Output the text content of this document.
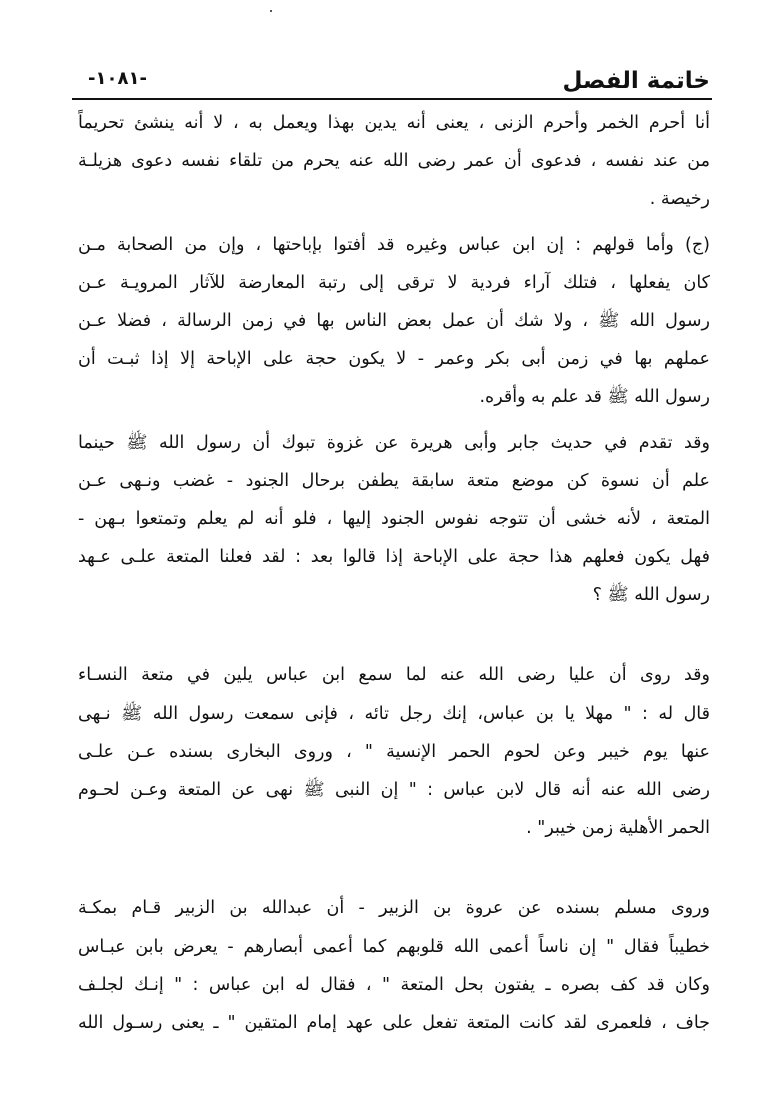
خاتمة الفصل
-١٠٨١-
أنا أحرم الخمر وأحرم الزنى ، يعنى أنه يدين بهذا ويعمل به ، لا أنه ينشئ تحريماً
من عند نفسه ، فدعوى أن عمر رضى الله عنه يحرم من تلقاء نفسه دعوى هزيلـة
رخيصة .
(ج) وأما قولهم : إن ابن عباس وغيره قد أفتوا بإباحتها ، وإن من الصحابة مـن
كان يفعلها ، فتلك آراء فردية لا ترقى إلى رتبة المعارضة للآثار المرويـة عـن
رسول الله ﷺ ، ولا شك أن عمل بعض الناس بها في زمن الرسالة ، فضلا عـن
عملهم بها في زمن أبى بكر وعمر - لا يكون حجة على الإباحة إلا إذا ثبـت أن
رسول الله ﷺ قد علم به وأقره.
وقد تقدم في حديث جابر وأبى هريرة عن غزوة تبوك أن رسول الله ﷺ حينما
علم أن نسوة كن موضع متعة سابقة يطفن برحال الجنود - غضب ونـهى عـن
المتعة ، لأنه خشى أن تتوجه نفوس الجنود إليها ، فلو أنه لم يعلم وتمتعوا بـهن -
فهل يكون فعلهم هذا حجة على الإباحة إذا قالوا بعد : لقد فعلنا المتعة علـى عـهد
رسول الله ﷺ ؟
وقد روى أن عليا رضى الله عنه لما سمع ابن عباس يلين في متعة النسـاء
قال له : " مهلا يا بن عباس، إنك رجل تائه ، فإنى سمعت رسول الله ﷺ نـهى
عنها يوم خيبر وعن لحوم الحمر الإنسية " ، وروى البخارى بسنده عـن علـى
رضى الله عنه أنه قال لابن عباس : " إن النبى ﷺ نهى عن المتعة وعـن لحـوم
الحمر الأهلية زمن خيبر" .
وروى مسلم بسنده عن عروة بن الزبير - أن عبدالله بن الزبير قـام بمكـة
خطيباً فقال " إن ناساً أعمى الله قلوبهم كما أعمى أبصارهم - يعرض بابن عبـاس
وكان قد كف بصره ـ يفتون بحل المتعة " ، فقال له ابن عباس : " إنـك لجلـف
جاف ، فلعمرى لقد كانت المتعة تفعل على عهد إمام المتقين " ـ يعنى رسـول الله
